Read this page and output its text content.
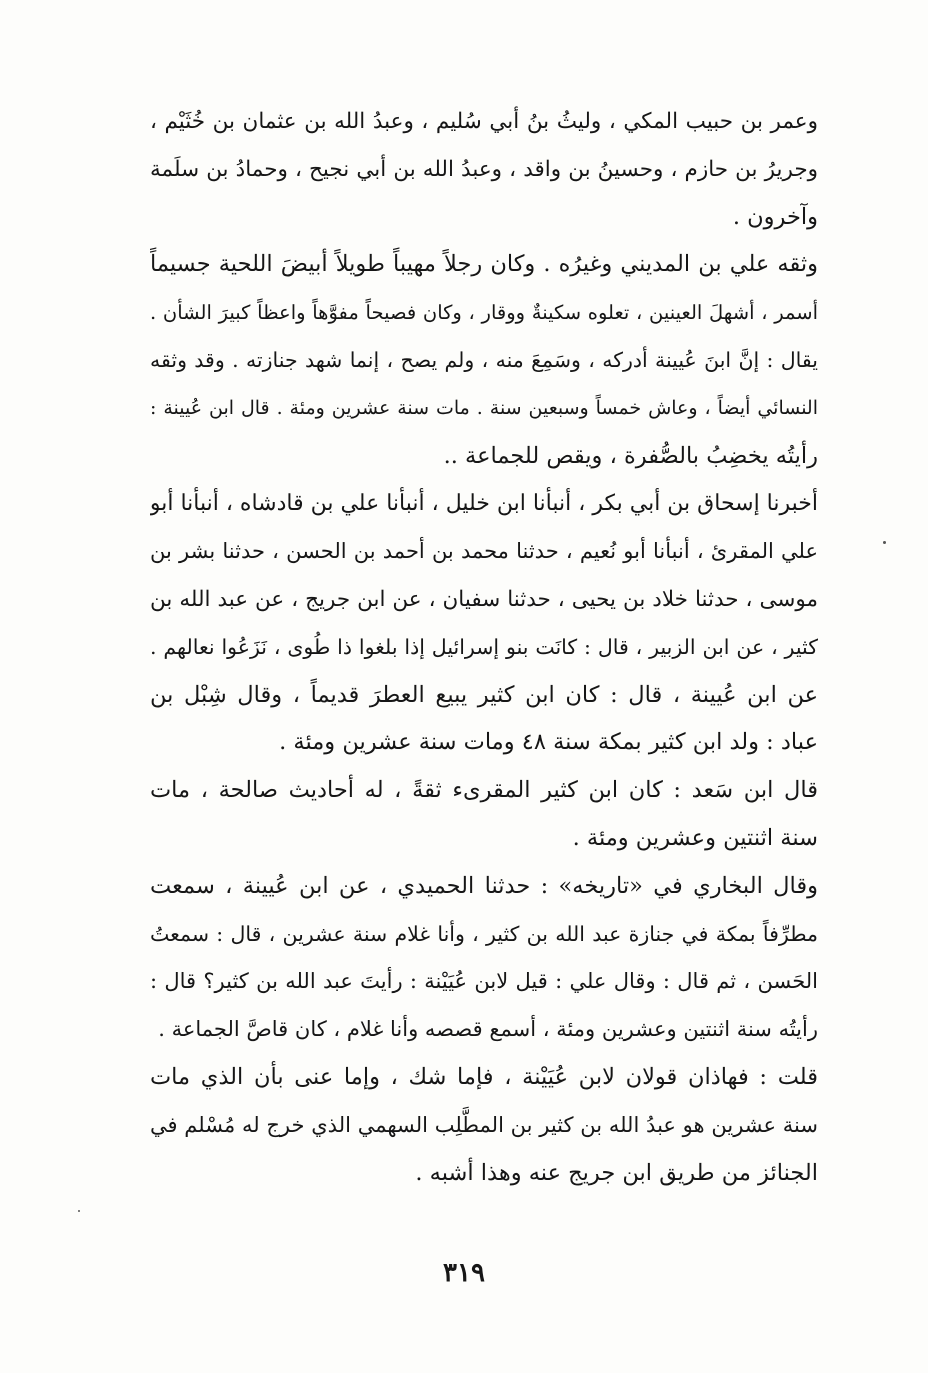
وعمر بن حبيب المكي ، وليثُ بنُ أبي سُليم ، وعبدُ الله بن عثمان بن خُثَيْم ،
وجريرُ بن حازم ، وحسينُ بن واقد ، وعبدُ الله بن أبي نجيح ، وحمادُ بن سلَمة
وآخرون .
وثقه علي بن المديني وغيرُه . وكان رجلاً مهيباً طويلاً أبيضَ اللحية جسيماً
أسمر ، أشهلَ العينين ، تعلوه سكينةٌ ووقار ، وكان فصيحاً مفوَّهاً واعظاً كبيرَ الشأن .
يقال : إنَّ ابنَ عُيينة أدركه ، وسَمِعَ منه ، ولم يصح ، إنما شهد جنازته . وقد وثقه
النسائي أيضاً ، وعاش خمساً وسبعين سنة . مات سنة عشرين ومئة . قال ابن عُيينة :
رأيتُه يخضِبُ بالصُّفرة ، ويقص للجماعة ..
أخبرنا إسحاق بن أبي بكر ، أنبأنا ابن خليل ، أنبأنا علي بن قادشاه ، أنبأنا أبو
علي المقرئ ، أنبأنا أبو نُعيم ، حدثنا محمد بن أحمد بن الحسن ، حدثنا بشر بن
موسى ، حدثنا خلاد بن يحيى ، حدثنا سفيان ، عن ابن جريج ، عن عبد الله بن
كثير ، عن ابن الزبير ، قال : كانَت بنو إسرائيل إذا بلغوا ذا طُوى ، نَزَعُوا نعالهم .
عن ابن عُيينة ، قال : كان ابن كثير يبيع العطرَ قديماً ، وقال شِبْل بن
عباد : ولد ابن كثير بمكة سنة ٤٨ ومات سنة عشرين ومئة .
قال ابن سَعد : كان ابن كثير المقرىء ثقةً ، له أحاديث صالحة ، مات
سنة اثنتين وعشرين ومئة .
وقال البخاري في «تاريخه» : حدثنا الحميدي ، عن ابن عُيينة ، سمعت
مطرِّفاً بمكة في جنازة عبد الله بن كثير ، وأنا غلام سنة عشرين ، قال : سمعتُ
الحَسن ، ثم قال : وقال علي : قيل لابن عُيَيْنة : رأيتَ عبد الله بن كثير؟ قال :
رأيتُه سنة اثنتين وعشرين ومئة ، أسمع قصصه وأنا غلام ، كان قاصَّ الجماعة .
قلت : فهاذان قولان لابن عُيَيْنة ، فإما شك ، وإما عنى بأن الذي مات
سنة عشرين هو عبدُ الله بن كثير بن المطَّلِب السهمي الذي خرج له مُسْلم في
الجنائز من طريق ابن جريج عنه وهذا أشبه .
٣١٩
